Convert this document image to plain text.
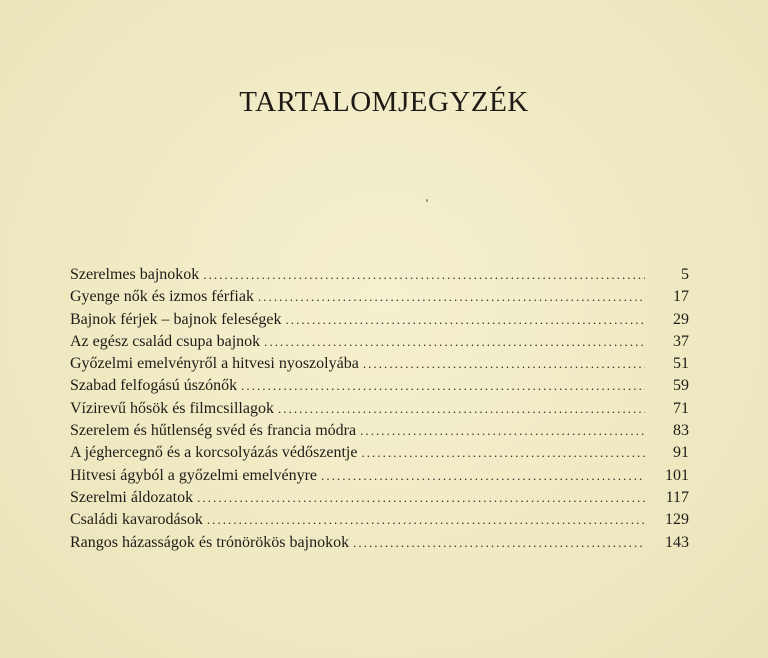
TARTALOMJEGYZÉK
Szerelmes bajnokok . . .	5
Gyenge nők és izmos férfiak . . .	17
Bajnok férjek – bajnok feleségek . . .	29
Az egész család csupa bajnok . . .	37
Győzelmi emelvényről a hitvesi nyoszolyába . . .	51
Szabad felfogású úszónők . . .	59
Vízirevű hősök és filmcsillagok . . .	71
Szerelem és hűtlenség svéd és francia módra . . .	83
A jéghercegnő és a korcsolyázás védőszentje . . .	91
Hitvesi ágyból a győzelmi emelvényre . . .	101
Szerelmi áldozatok . . .	117
Családi kavarodások . . .	129
Rangos házasságok és trónörökös bajnokok . . .	143
